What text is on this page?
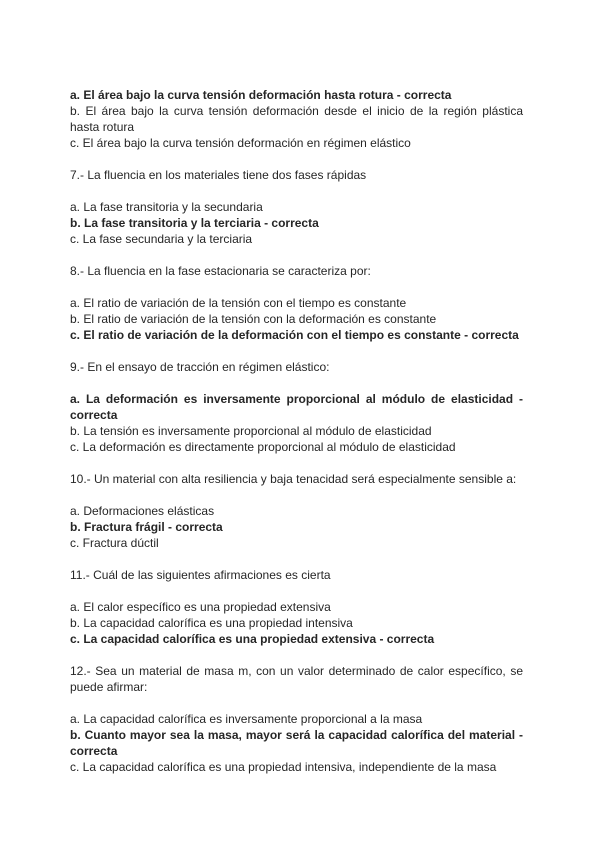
a. El área bajo la curva tensión deformación hasta rotura - correcta

b. El área bajo la curva tensión deformación desde el inicio de la región plástica
hasta rotura

c. El área bajo la curva tensión deformación en régimen elástico

7.- La fluencia en los materiales tiene dos fases rápidas

a. La fase transitoria y la secundaria

b. La fase transitoria y la terciaria - correcta

c. La fase secundaria y la terciaria

8.- La fluencia en la fase estacionaria se caracteriza por:

a. El ratio de variación de la tensión con el tiempo es constante

b. El ratio de variación de la tensión con la deformación es constante

c. El ratio de variación de la deformación con el tiempo es constante - correcta

9.- En el ensayo de tracción en régimen elástico:

a. La deformación es inversamente proporcional al módulo de elasticidad -
correcta

b. La tensión es inversamente proporcional al módulo de elasticidad

c. La deformación es directamente proporcional al módulo de elasticidad

10.- Un material con alta resiliencia y baja tenacidad será especialmente sensible a:

a. Deformaciones elásticas

b. Fractura frágil - correcta

c. Fractura dúctil

11.- Cuál de las siguientes afirmaciones es cierta

a. El calor específico es una propiedad extensiva

b. La capacidad calorífica es una propiedad intensiva

c. La capacidad calorífica es una propiedad extensiva - correcta

12.- Sea un material de masa m, con un valor determinado de calor específico, se
puede afirmar:

a. La capacidad calorífica es inversamente proporcional a la masa

b. Cuanto mayor sea la masa, mayor será la capacidad calorífica del material -
correcta

c. La capacidad calorífica es una propiedad intensiva, independiente de la masa
